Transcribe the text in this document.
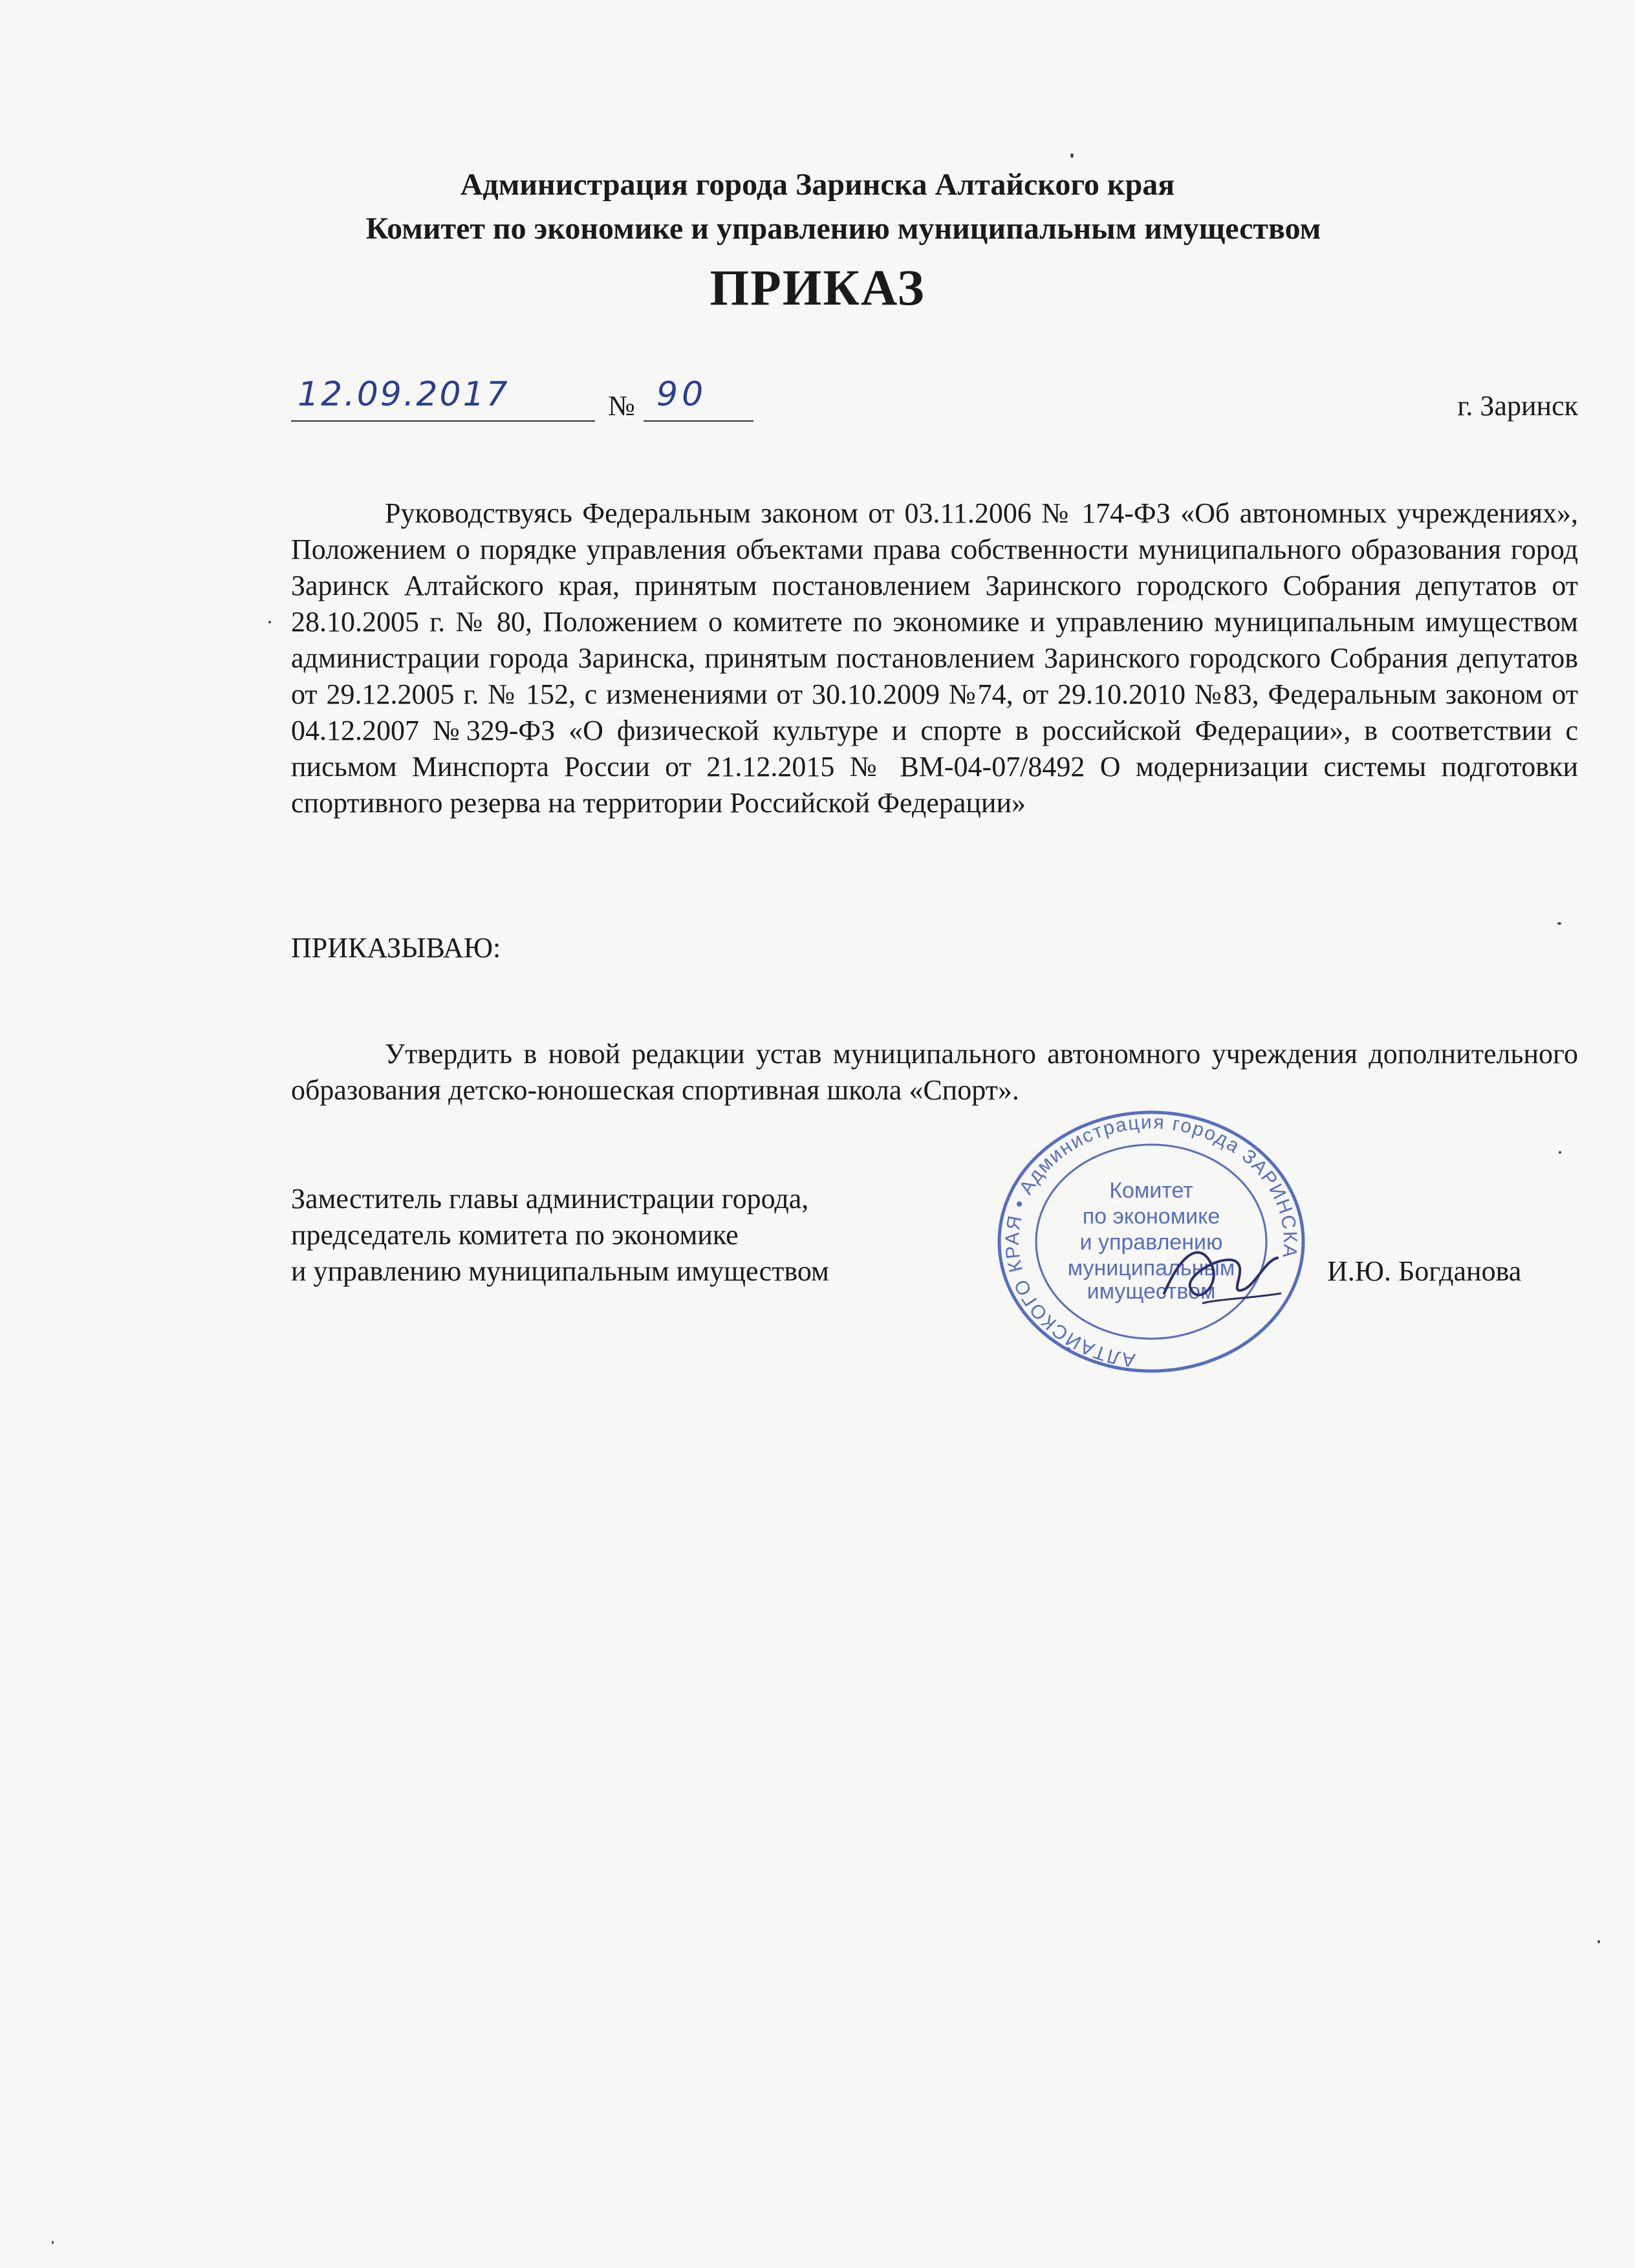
Администрация города Заринска Алтайского края
Комитет по экономике и управлению муниципальным имуществом
ПРИКАЗ
12.09.2017	№ 90	г. Заринск

Руководствуясь Федеральным законом от 03.11.2006 № 174-ФЗ «Об автономных учреждениях», Положением о порядке управления объектами права собственности муниципального образования город Заринск Алтайского края, принятым постановлением Заринского городского Собрания депутатов от 28.10.2005 г. № 80, Положением о комитете по экономике и управлению муниципальным имуществом администрации города Заринска, принятым постановлением Заринского городского Собрания депутатов от 29.12.2005 г. № 152, с изменениями от 30.10.2009 №74, от 29.10.2010 №83, Федеральным законом от 04.12.2007 №329-ФЗ «О физической культуре и спорте в российской Федерации», в соответствии с письмом Минспорта России от 21.12.2015 № ВМ-04-07/8492 О модернизации системы подготовки спортивного резерва на территории Российской Федерации»

ПРИКАЗЫВАЮ:

Утвердить в новой редакции устав муниципального автономного учреждения дополнительного образования детско-юношеская спортивная школа «Спорт».

Заместитель главы администрации города,
председатель комитета по экономике
и управлению муниципальным имуществом	И.Ю. Богданова
АЛТАЙСКОГО КРАЯ • Администрация города ЗАРИНСКА
Комитет
по экономике
и управлению
муниципальным
имуществом
